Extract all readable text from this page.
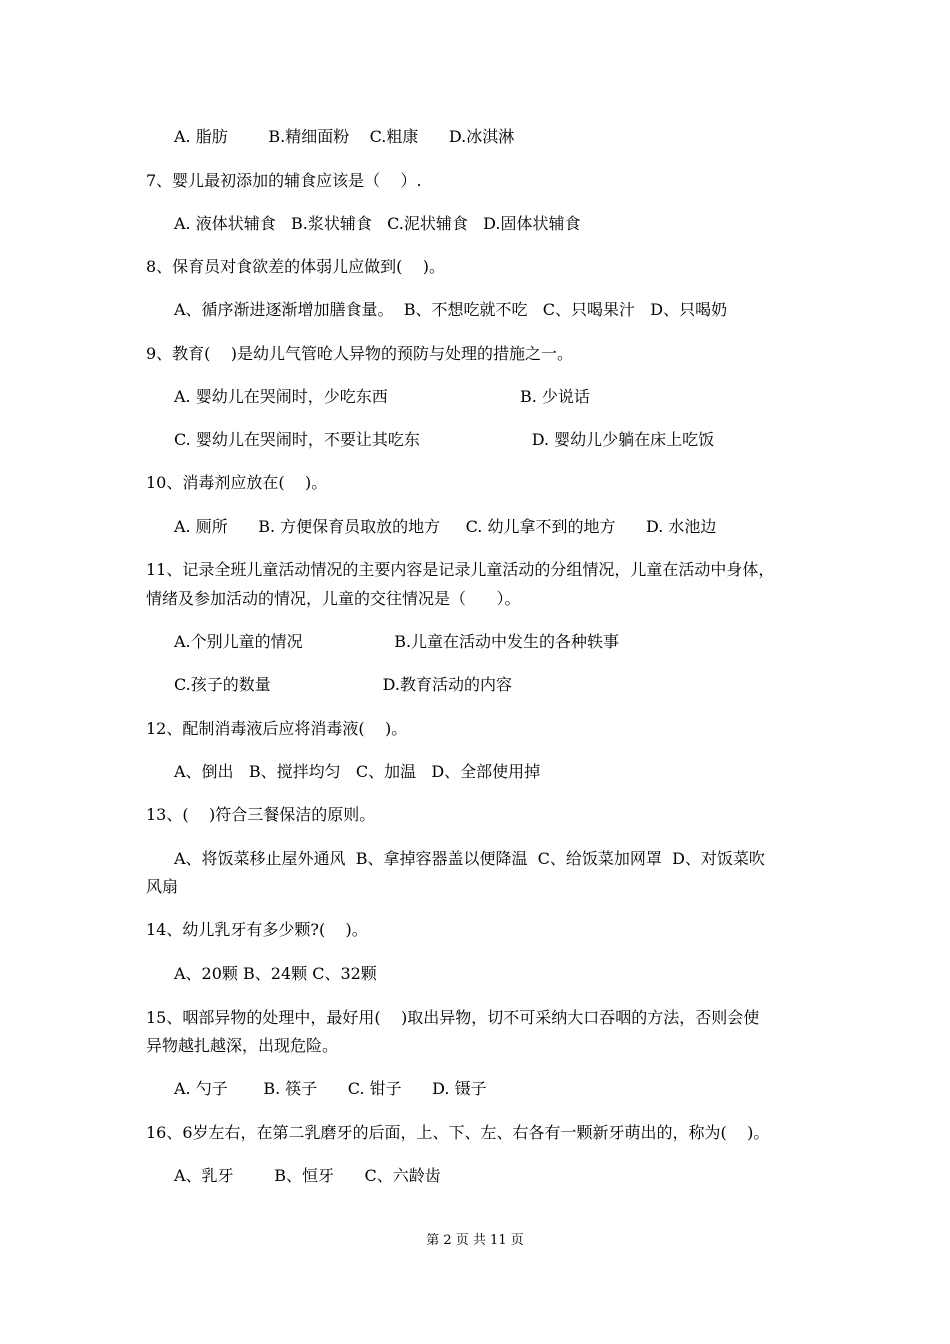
A. 脂肪        B.精细面粉    C.粗康      D.冰淇淋
7、婴儿最初添加的辅食应该是（    ）.
A. 液体状辅食   B.浆状辅食   C.泥状辅食   D.固体状辅食
8、保育员对食欲差的体弱儿应做到(    )。
A、循序渐进逐渐增加膳食量。  B、不想吃就不吃   C、只喝果汁   D、只喝奶
9、教育(    )是幼儿气管呛人异物的预防与处理的措施之一。
A. 婴幼儿在哭闹时，少吃东西                          B. 少说话
C. 婴幼儿在哭闹时，不要让其吃东                      D. 婴幼儿少躺在床上吃饭
10、消毒剂应放在(    )。
A. 厕所      B. 方便保育员取放的地方     C. 幼儿拿不到的地方      D. 水池边
11、记录全班儿童活动情况的主要内容是记录儿童活动的分组情况，儿童在活动中身体，
情绪及参加活动的情况，儿童的交往情况是（      ）。
A.个别儿童的情况                  B.儿童在活动中发生的各种轶事
C.孩子的数量                      D.教育活动的内容
12、配制消毒液后应将消毒液(    )。
A、倒出   B、搅拌均匀   C、加温   D、全部使用掉
13、(    )符合三餐保洁的原则。
A、将饭菜移止屋外通风  B、拿掉容器盖以便降温  C、给饭菜加网罩  D、对饭菜吹
风扇
14、幼儿乳牙有多少颗?(    )。
A、20颗 B、24颗 C、32颗
15、咽部异物的处理中，最好用(    )取出异物，切不可采纳大口吞咽的方法，否则会使
异物越扎越深，出现危险。
A. 勺子       B. 筷子      C. 钳子      D. 镊子
16、6岁左右，在第二乳磨牙的后面，上、下、左、右各有一颗新牙萌出的，称为(    )。
A、乳牙        B、恒牙      C、六龄齿
第 2 页 共 11 页
